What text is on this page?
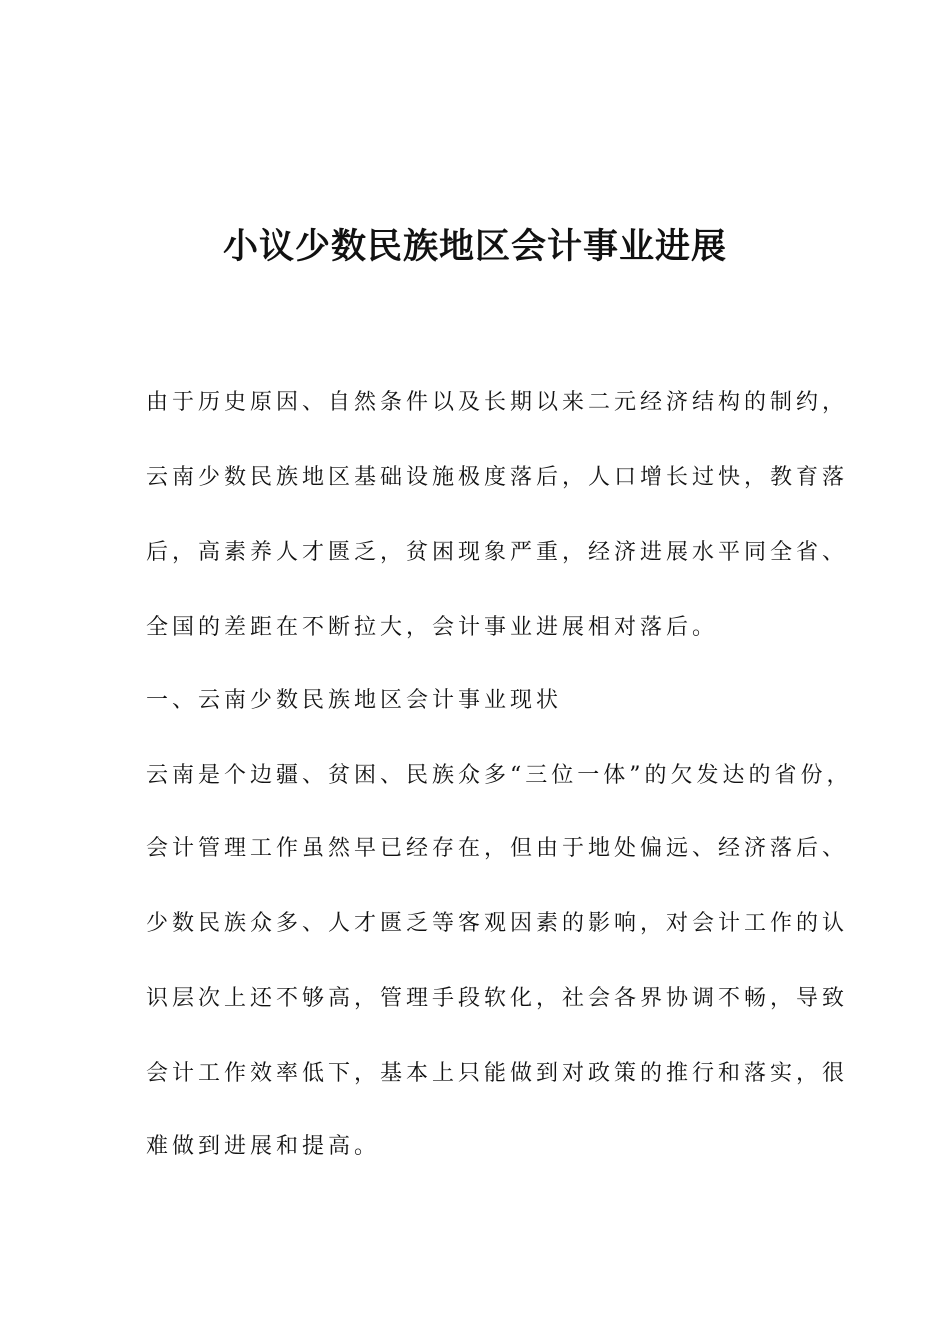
小议少数民族地区会计事业进展

由于历史原因、自然条件以及长期以来二元经济结构的制约，

云南少数民族地区基础设施极度落后，人口增长过快，教育落

后，高素养人才匮乏，贫困现象严重，经济进展水平同全省、

全国的差距在不断拉大，会计事业进展相对落后。

一、云南少数民族地区会计事业现状

云南是个边疆、贫困、民族众多“三位一体”的欠发达的省份，

会计管理工作虽然早已经存在，但由于地处偏远、经济落后、

少数民族众多、人才匮乏等客观因素的影响，对会计工作的认

识层次上还不够高，管理手段软化，社会各界协调不畅，导致

会计工作效率低下，基本上只能做到对政策的推行和落实，很

难做到进展和提高。
